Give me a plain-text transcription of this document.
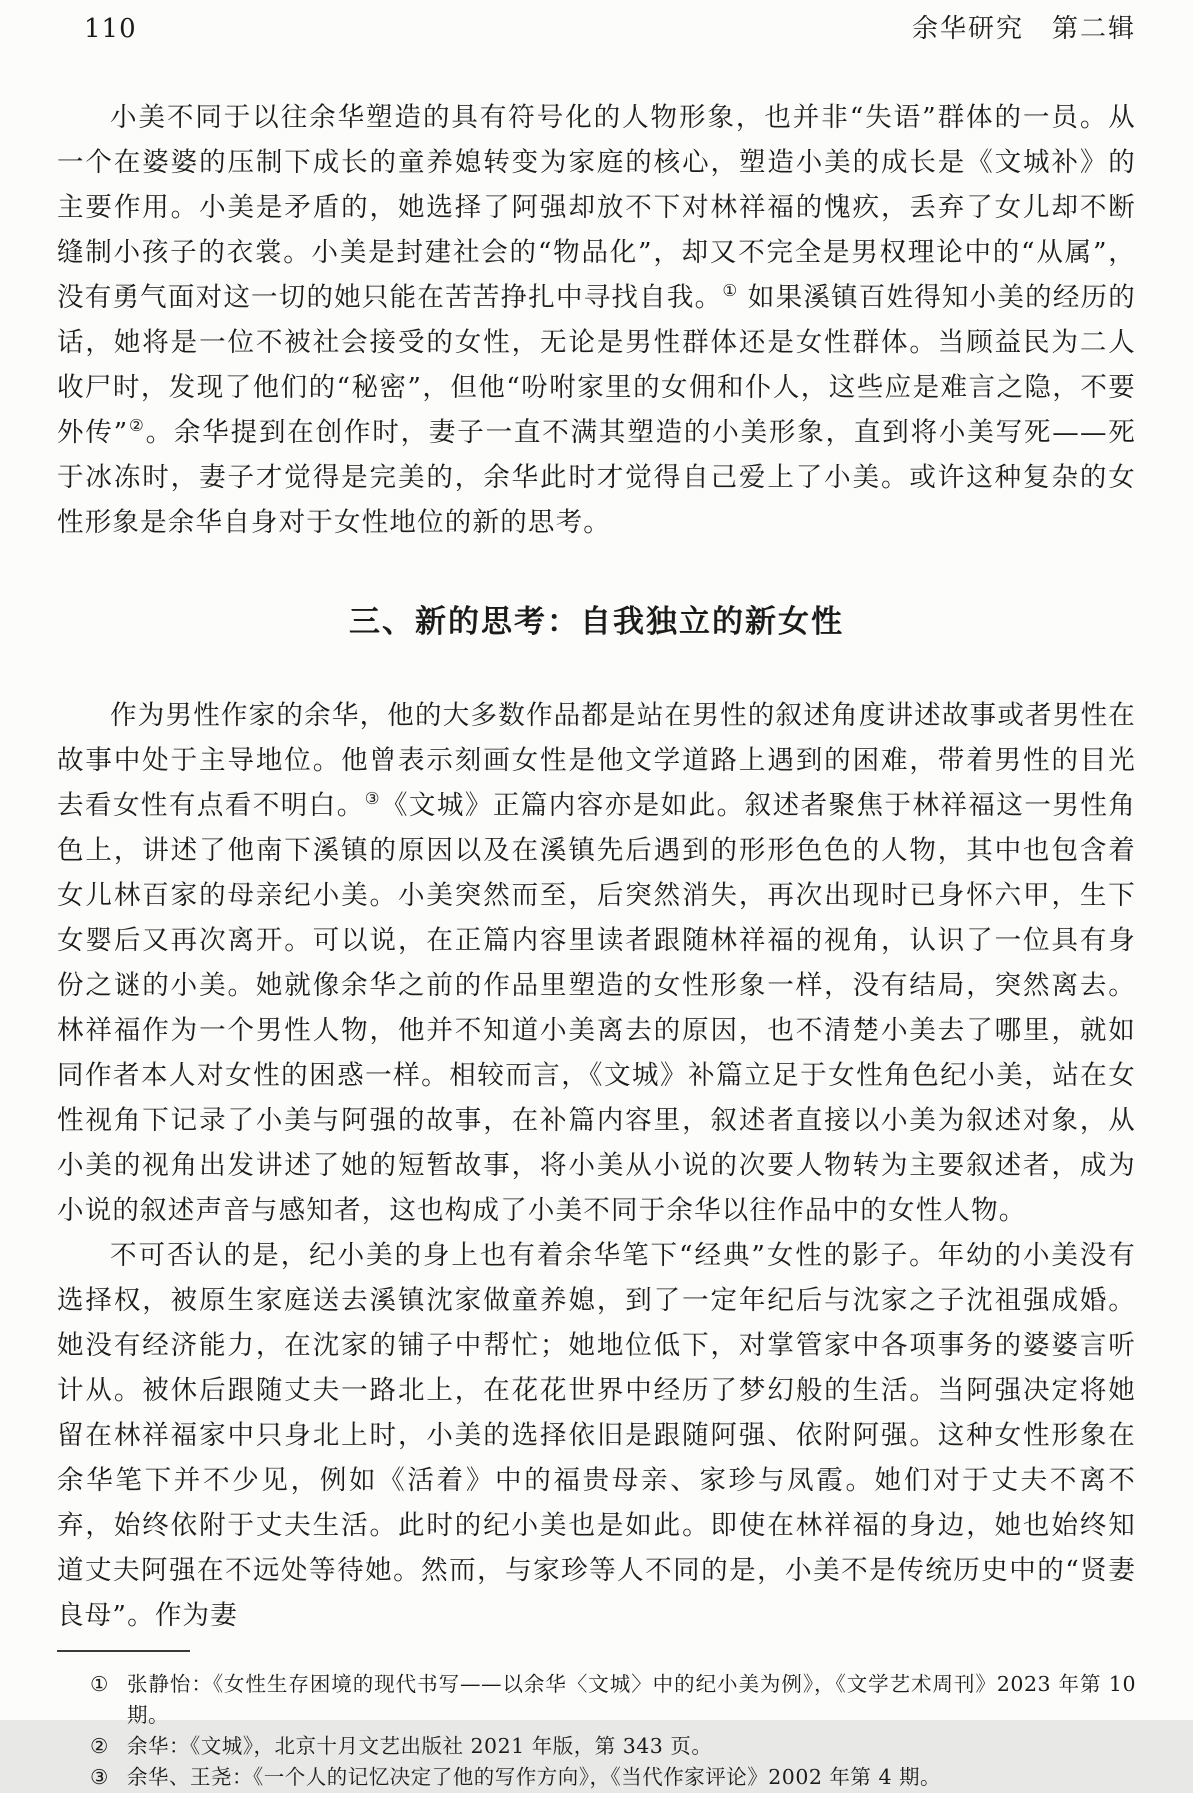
110	余华研究　第二辑

小美不同于以往余华塑造的具有符号化的人物形象，也并非“失语”群体的一员。从一个在婆婆的压制下成长的童养媳转变为家庭的核心，塑造小美的成长是《文城补》的主要作用。小美是矛盾的，她选择了阿强却放不下对林祥福的愧疚，丢弃了女儿却不断缝制小孩子的衣裳。小美是封建社会的“物品化”，却又不完全是男权理论中的“从属”，没有勇气面对这一切的她只能在苦苦挣扎中寻找自我。① 如果溪镇百姓得知小美的经历的话，她将是一位不被社会接受的女性，无论是男性群体还是女性群体。当顾益民为二人收尸时，发现了他们的“秘密”，但他“吩咐家里的女佣和仆人，这些应是难言之隐，不要外传”②。余华提到在创作时，妻子一直不满其塑造的小美形象，直到将小美写死——死于冰冻时，妻子才觉得是完美的，余华此时才觉得自己爱上了小美。或许这种复杂的女性形象是余华自身对于女性地位的新的思考。

三、新的思考：自我独立的新女性

作为男性作家的余华，他的大多数作品都是站在男性的叙述角度讲述故事或者男性在故事中处于主导地位。他曾表示刻画女性是他文学道路上遇到的困难，带着男性的目光去看女性有点看不明白。③《文城》正篇内容亦是如此。叙述者聚焦于林祥福这一男性角色上，讲述了他南下溪镇的原因以及在溪镇先后遇到的形形色色的人物，其中也包含着女儿林百家的母亲纪小美。小美突然而至，后突然消失，再次出现时已身怀六甲，生下女婴后又再次离开。可以说，在正篇内容里读者跟随林祥福的视角，认识了一位具有身份之谜的小美。她就像余华之前的作品里塑造的女性形象一样，没有结局，突然离去。林祥福作为一个男性人物，他并不知道小美离去的原因，也不清楚小美去了哪里，就如同作者本人对女性的困惑一样。相较而言，《文城》补篇立足于女性角色纪小美，站在女性视角下记录了小美与阿强的故事，在补篇内容里，叙述者直接以小美为叙述对象，从小美的视角出发讲述了她的短暂故事，将小美从小说的次要人物转为主要叙述者，成为小说的叙述声音与感知者，这也构成了小美不同于余华以往作品中的女性人物。

不可否认的是，纪小美的身上也有着余华笔下“经典”女性的影子。年幼的小美没有选择权，被原生家庭送去溪镇沈家做童养媳，到了一定年纪后与沈家之子沈祖强成婚。她没有经济能力，在沈家的铺子中帮忙；她地位低下，对掌管家中各项事务的婆婆言听计从。被休后跟随丈夫一路北上，在花花世界中经历了梦幻般的生活。当阿强决定将她留在林祥福家中只身北上时，小美的选择依旧是跟随阿强、依附阿强。这种女性形象在余华笔下并不少见，例如《活着》中的福贵母亲、家珍与凤霞。她们对于丈夫不离不弃，始终依附于丈夫生活。此时的纪小美也是如此。即使在林祥福的身边，她也始终知道丈夫阿强在不远处等待她。然而，与家珍等人不同的是，小美不是传统历史中的“贤妻良母”。作为妻

① 张静怡：《女性生存困境的现代书写——以余华〈文城〉中的纪小美为例》，《文学艺术周刊》2023 年第 10 期。
② 余华：《文城》，北京十月文艺出版社 2021 年版，第 343 页。
③ 余华、王尧：《一个人的记忆决定了他的写作方向》，《当代作家评论》2002 年第 4 期。
